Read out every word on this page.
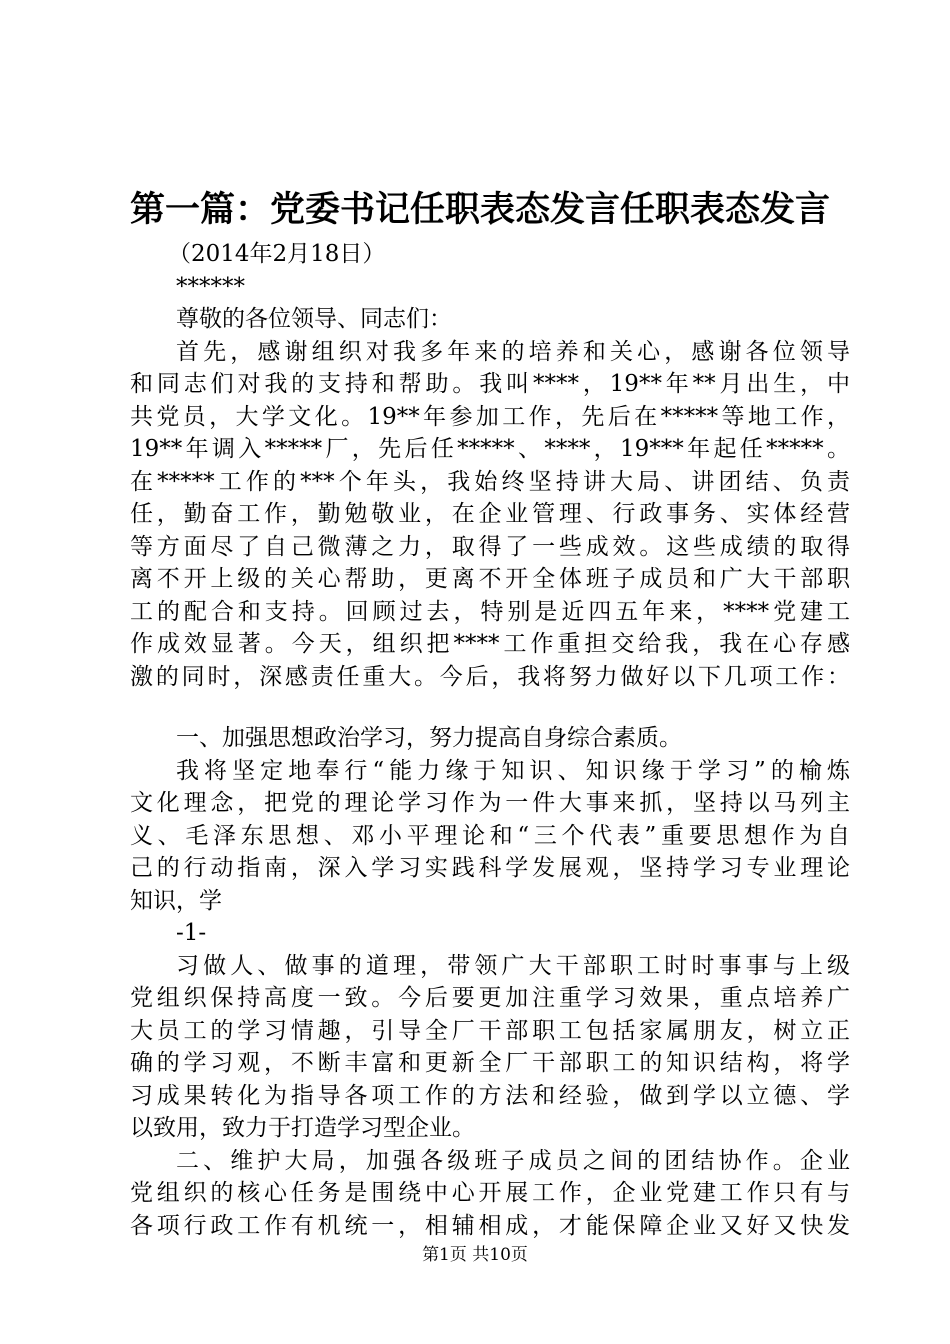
第一篇：党委书记任职表态发言任职表态发言
（2014年2月18日）
******
尊敬的各位领导、同志们：
首先，感谢组织对我多年来的培养和关心，感谢各位领导
和同志们对我的支持和帮助。我叫****，19**年**月出生，中
共党员，大学文化。19**年参加工作，先后在*****等地工作，
19**年调入*****厂，先后任*****、****，19***年起任*****。
在*****工作的***个年头，我始终坚持讲大局、讲团结、负责
任，勤奋工作，勤勉敬业，在企业管理、行政事务、实体经营
等方面尽了自己微薄之力，取得了一些成效。这些成绩的取得
离不开上级的关心帮助，更离不开全体班子成员和广大干部职
工的配合和支持。回顾过去，特别是近四五年来，****党建工
作成效显著。今天，组织把****工作重担交给我，我在心存感
激的同时，深感责任重大。今后，我将努力做好以下几项工作：
一、加强思想政治学习，努力提高自身综合素质。
我将坚定地奉行“能力缘于知识、知识缘于学习”的榆炼
文化理念，把党的理论学习作为一件大事来抓，坚持以马列主
义、毛泽东思想、邓小平理论和“三个代表”重要思想作为自
己的行动指南，深入学习实践科学发展观，坚持学习专业理论
知识，学
-1-
习做人、做事的道理，带领广大干部职工时时事事与上级
党组织保持高度一致。今后要更加注重学习效果，重点培养广
大员工的学习情趣，引导全厂干部职工包括家属朋友，树立正
确的学习观，不断丰富和更新全厂干部职工的知识结构，将学
习成果转化为指导各项工作的方法和经验，做到学以立德、学
以致用，致力于打造学习型企业。
二、维护大局，加强各级班子成员之间的团结协作。企业
党组织的核心任务是围绕中心开展工作，企业党建工作只有与
各项行政工作有机统一，相辅相成，才能保障企业又好又快发
第1页 共10页
